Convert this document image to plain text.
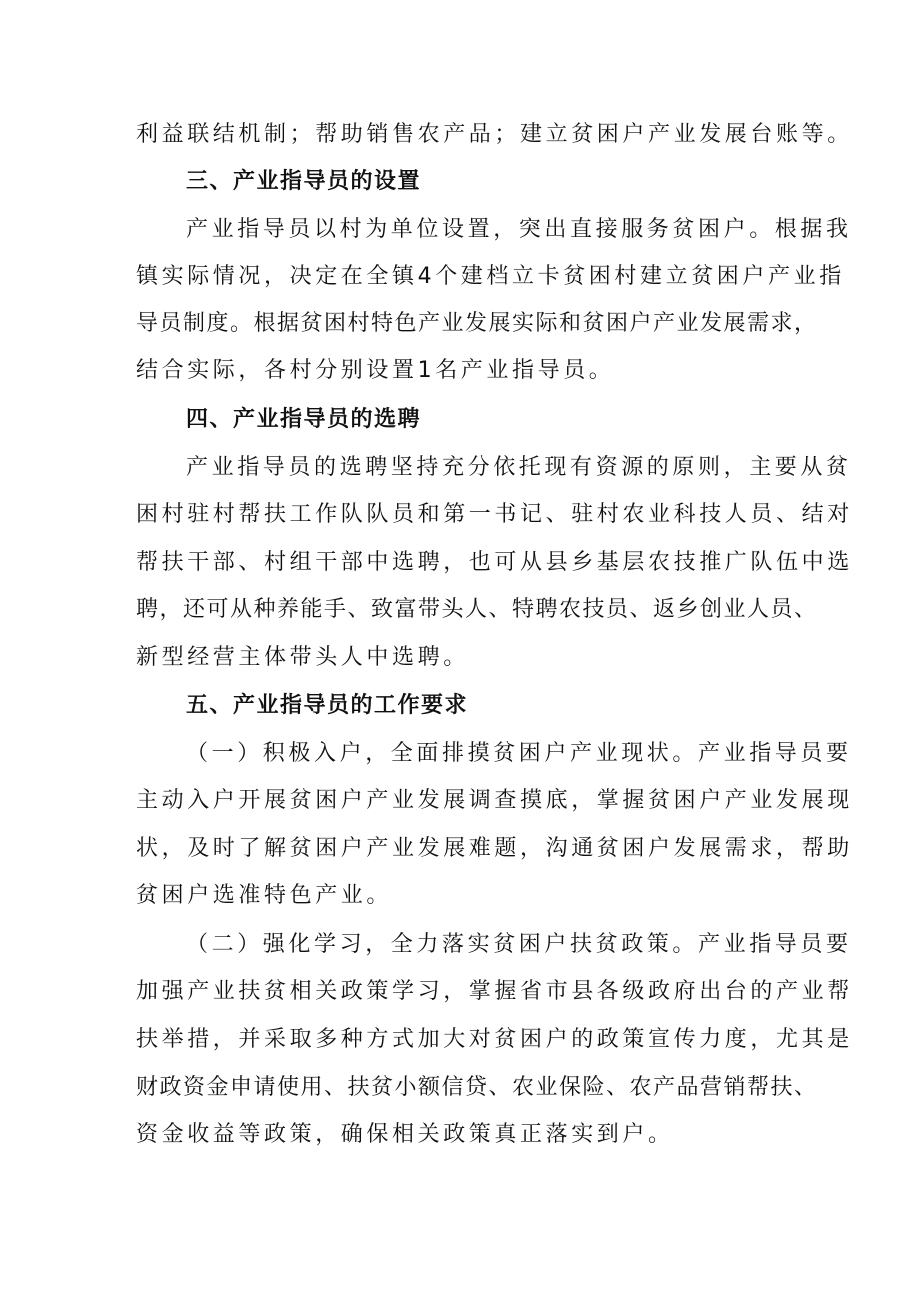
利益联结机制；帮助销售农产品；建立贫困户产业发展台账等。
三、产业指导员的设置
产业指导员以村为单位设置，突出直接服务贫困户。根据我
镇实际情况，决定在全镇4个建档立卡贫困村建立贫困户产业指
导员制度。根据贫困村特色产业发展实际和贫困户产业发展需求，
结合实际，各村分别设置1名产业指导员。
四、产业指导员的选聘
产业指导员的选聘坚持充分依托现有资源的原则，主要从贫
困村驻村帮扶工作队队员和第一书记、驻村农业科技人员、结对
帮扶干部、村组干部中选聘，也可从县乡基层农技推广队伍中选
聘，还可从种养能手、致富带头人、特聘农技员、返乡创业人员、
新型经营主体带头人中选聘。
五、产业指导员的工作要求
（一）积极入户，全面排摸贫困户产业现状。产业指导员要
主动入户开展贫困户产业发展调查摸底，掌握贫困户产业发展现
状，及时了解贫困户产业发展难题，沟通贫困户发展需求，帮助
贫困户选准特色产业。
（二）强化学习，全力落实贫困户扶贫政策。产业指导员要
加强产业扶贫相关政策学习，掌握省市县各级政府出台的产业帮
扶举措，并采取多种方式加大对贫困户的政策宣传力度，尤其是
财政资金申请使用、扶贫小额信贷、农业保险、农产品营销帮扶、
资金收益等政策，确保相关政策真正落实到户。
